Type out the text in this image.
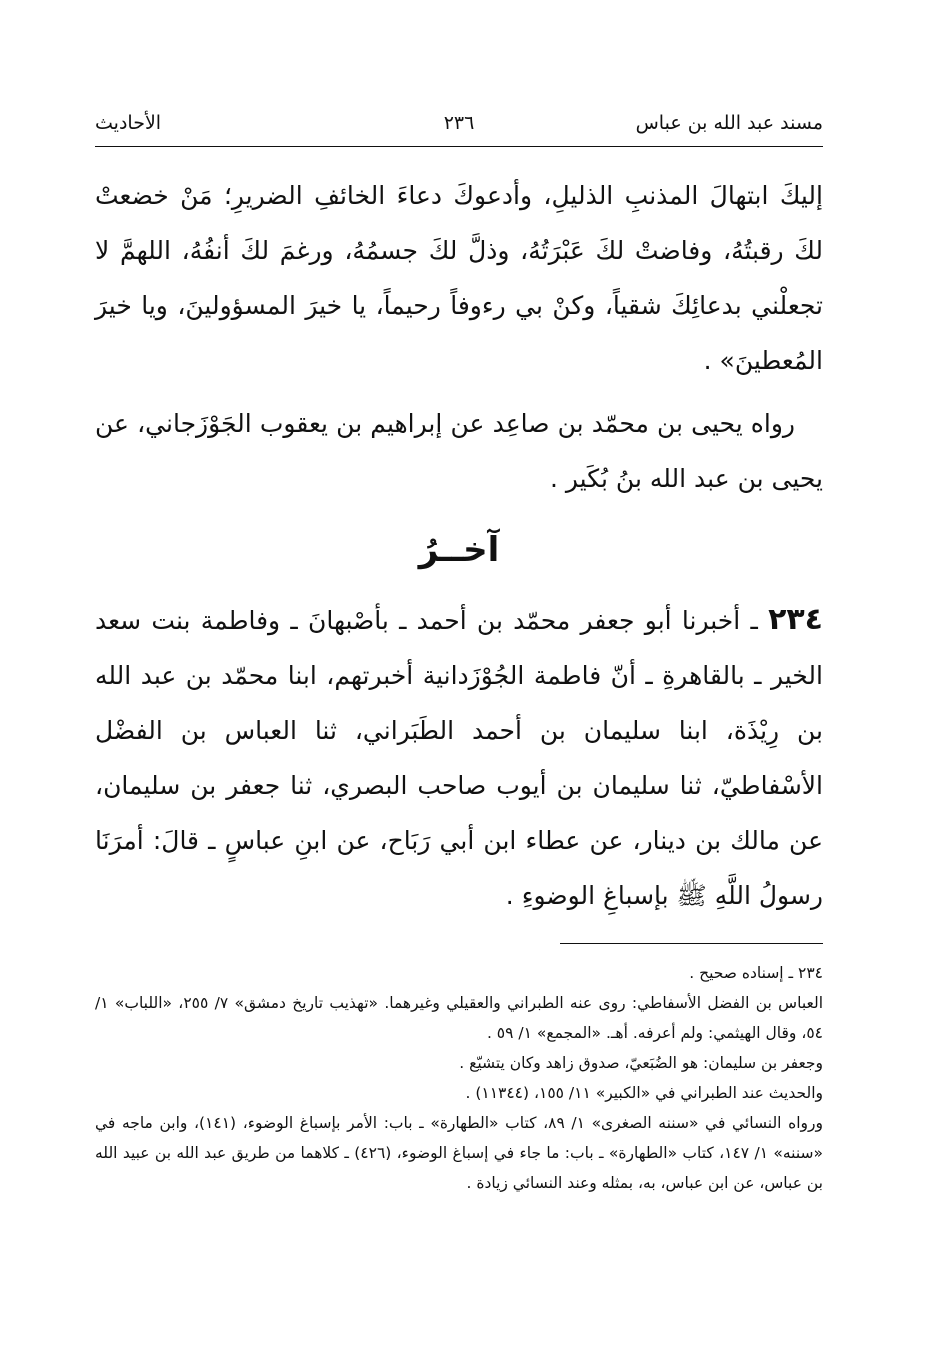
مسند عبد الله بن عباس
٢٣٦
الأحاديث

إليكَ ابتهالَ المذنبِ الذليلِ، وأدعوكَ دعاءَ الخائفِ الضريرِ؛ مَنْ خضعتْ لكَ رقبتُهُ، وفاضتْ لكَ عَبْرَتُهُ، وذلَّ لكَ جسمُهُ، ورغمَ لكَ أنفُهُ، اللهمَّ لا تجعلْني بدعائِكَ شقياً، وكنْ بي رءوفاً رحيماً، يا خيرَ المسؤولينَ، ويا خيرَ المُعطينَ» .

رواه يحيى بن محمّد بن صاعِد عن إبراهيم بن يعقوب الجَوْزَجاني، عن يحيى بن عبد الله بنُ بُكَير .

آخــرُ

٢٣٤ ـ أخبرنا أبو جعفر محمّد بن أحمد ـ بأصْبهانَ ـ وفاطمة بنت سعد الخير ـ بالقاهرةِ ـ أنّ فاطمة الجُوْزَدانية أخبرتهم، ابنا محمّد بن عبد الله بن رِيْذَة، ابنا سليمان بن أحمد الطَبَراني، ثنا العباس بن الفضْل الأسْفاطيّ، ثنا سليمان بن أيوب صاحب البصري، ثنا جعفر بن سليمان، عن مالك بن دينار، عن عطاء ابن أبي رَبَاح، عن ابنِ عباسٍ ـ قالَ: أمرَنَا رسولُ اللَّهِ ﷺ بإسباغِ الوضوءِ .

٢٣٤ ـ إسناده صحيح .
العباس بن الفضل الأسفاطي: روى عنه الطبراني والعقيلي وغيرهما. «تهذيب تاريخ دمشق» ٧/ ٢٥٥، «اللباب» ١/ ٥٤، وقال الهيثمي: ولم أعرفه. أهـ. «المجمع» ١/ ٥٩ .
وجعفر بن سليمان: هو الضُبَعيّ، صدوق زاهد وكان يتشيّع .
والحديث عند الطبراني في «الكبير» ١١/ ١٥٥، (١١٣٤٤) .
ورواه النسائي في «سننه الصغرى» ١/ ٨٩، كتاب «الطهارة» ـ باب: الأمر بإسباغ الوضوء، (١٤١)، وابن ماجه في «سننه» ١/ ١٤٧، كتاب «الطهارة» ـ باب: ما جاء في إسباغ الوضوء، (٤٢٦) ـ كلاهما من طريق عبد الله بن عبيد الله بن عباس، عن ابن عباس، به، بمثله وعند النسائي زيادة .
